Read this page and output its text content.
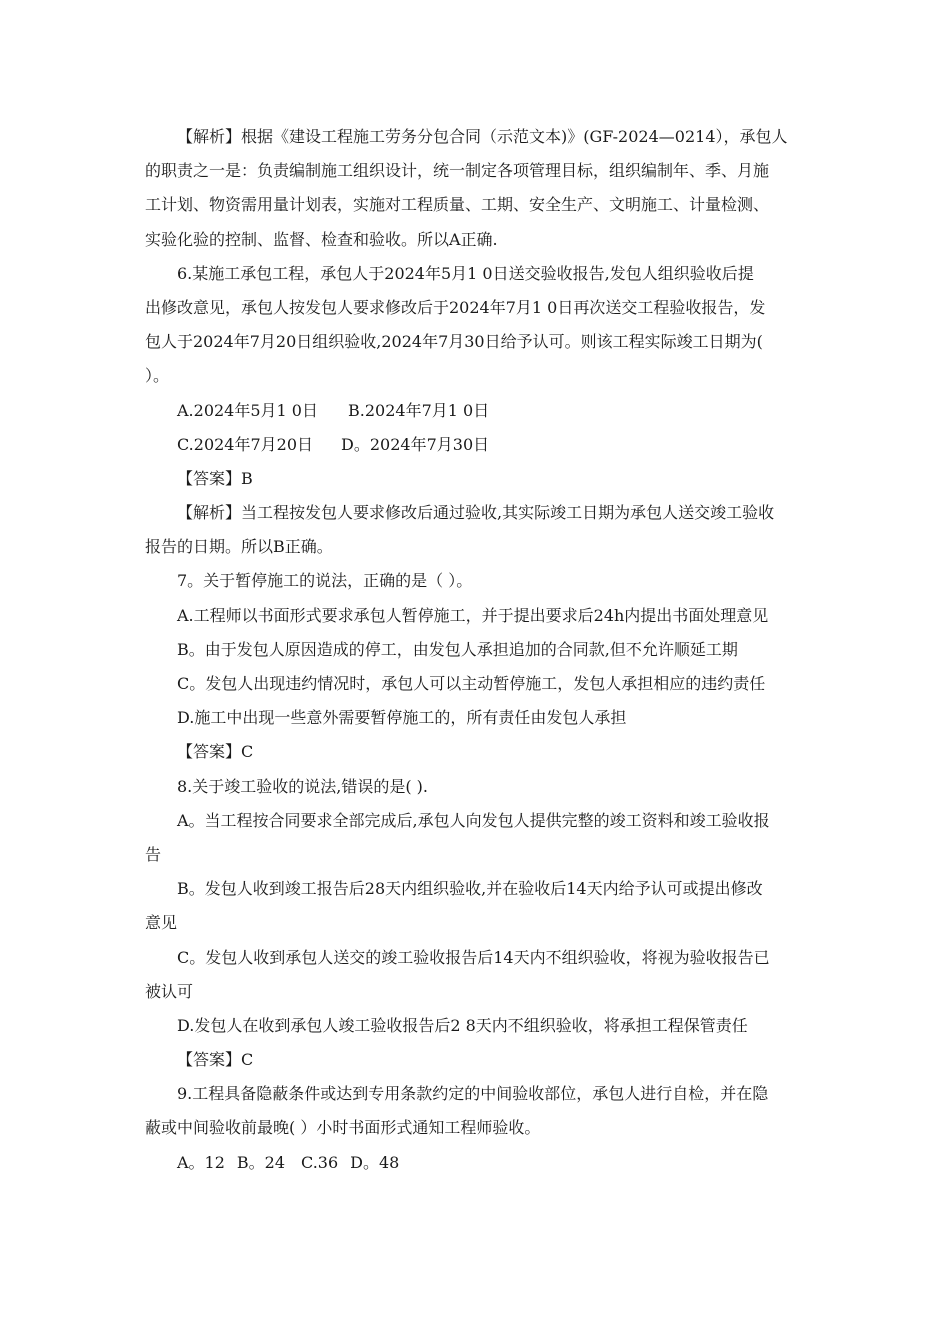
【解析】根据《建设工程施工劳务分包合同（示范文本)》(GF-2024—0214），承包人
的职责之一是：负责编制施工组织设计，统一制定各项管理目标，组织编制年、季、月施
工计划、物资需用量计划表，实施对工程质量、工期、安全生产、文明施工、计量检测、
实验化验的控制、监督、检查和验收。所以A正确.
6.某施工承包工程，承包人于2024年5月1 0日送交验收报告,发包人组织验收后提
出修改意见，承包人按发包人要求修改后于2024年7月1 0日再次送交工程验收报告，发
包人于2024年7月20日组织验收,2024年7月30日给予认可。则该工程实际竣工日期为(
）。
A.2024年5月1 0日 B.2024年7月1 0日
C.2024年7月20日 D。2024年7月30日
【答案】B
【解析】当工程按发包人要求修改后通过验收,其实际竣工日期为承包人送交竣工验收
报告的日期。所以B正确。
7。关于暂停施工的说法，正确的是（ ）。
A.工程师以书面形式要求承包人暂停施工，并于提出要求后24h内提出书面处理意见
B。由于发包人原因造成的停工，由发包人承担追加的合同款,但不允许顺延工期
C。发包人出现违约情况时，承包人可以主动暂停施工，发包人承担相应的违约责任
D.施工中出现一些意外需要暂停施工的，所有责任由发包人承担
【答案】C
8.关于竣工验收的说法,错误的是( ).
A。当工程按合同要求全部完成后,承包人向发包人提供完整的竣工资料和竣工验收报
告
B。发包人收到竣工报告后28天内组织验收,并在验收后14天内给予认可或提出修改
意见
C。发包人收到承包人送交的竣工验收报告后14天内不组织验收，将视为验收报告已
被认可
D.发包人在收到承包人竣工验收报告后2 8天内不组织验收，将承担工程保管责任
【答案】C
9.工程具备隐蔽条件或达到专用条款约定的中间验收部位，承包人进行自检，并在隐
蔽或中间验收前最晚( ）小时书面形式通知工程师验收。
A。12 B。24 C.36 D。48
